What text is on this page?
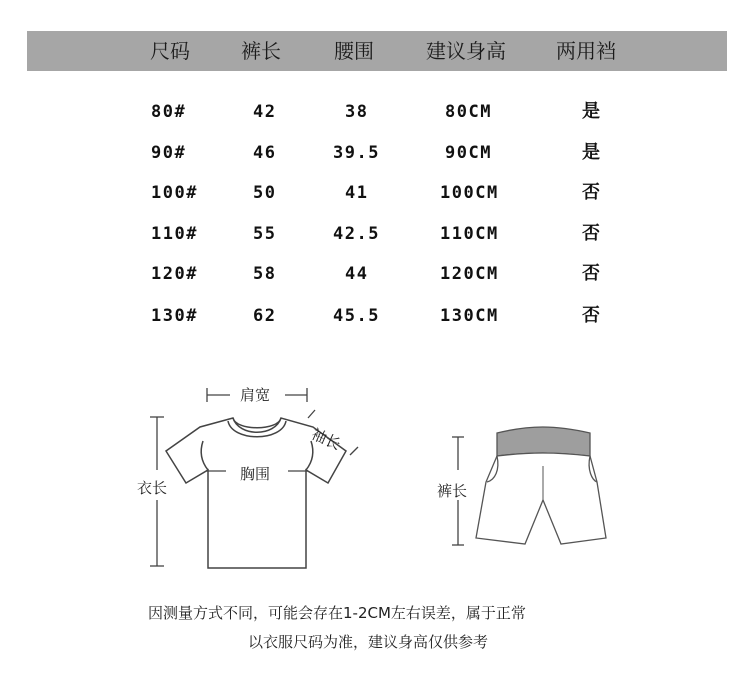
尺码	裤长	腰围	建议身高	两用裆
80#	42	38	80CM	是
90#	46	39.5	90CM	是
100#	50	41	100CM	否
110#	55	42.5	110CM	否
120#	58	44	120CM	否
130#	62	45.5	130CM	否
肩宽
袖长
胸围
衣长	裤长
因测量方式不同，可能会存在1-2CM左右误差，属于正常
以衣服尺码为准，建议身高仅供参考
